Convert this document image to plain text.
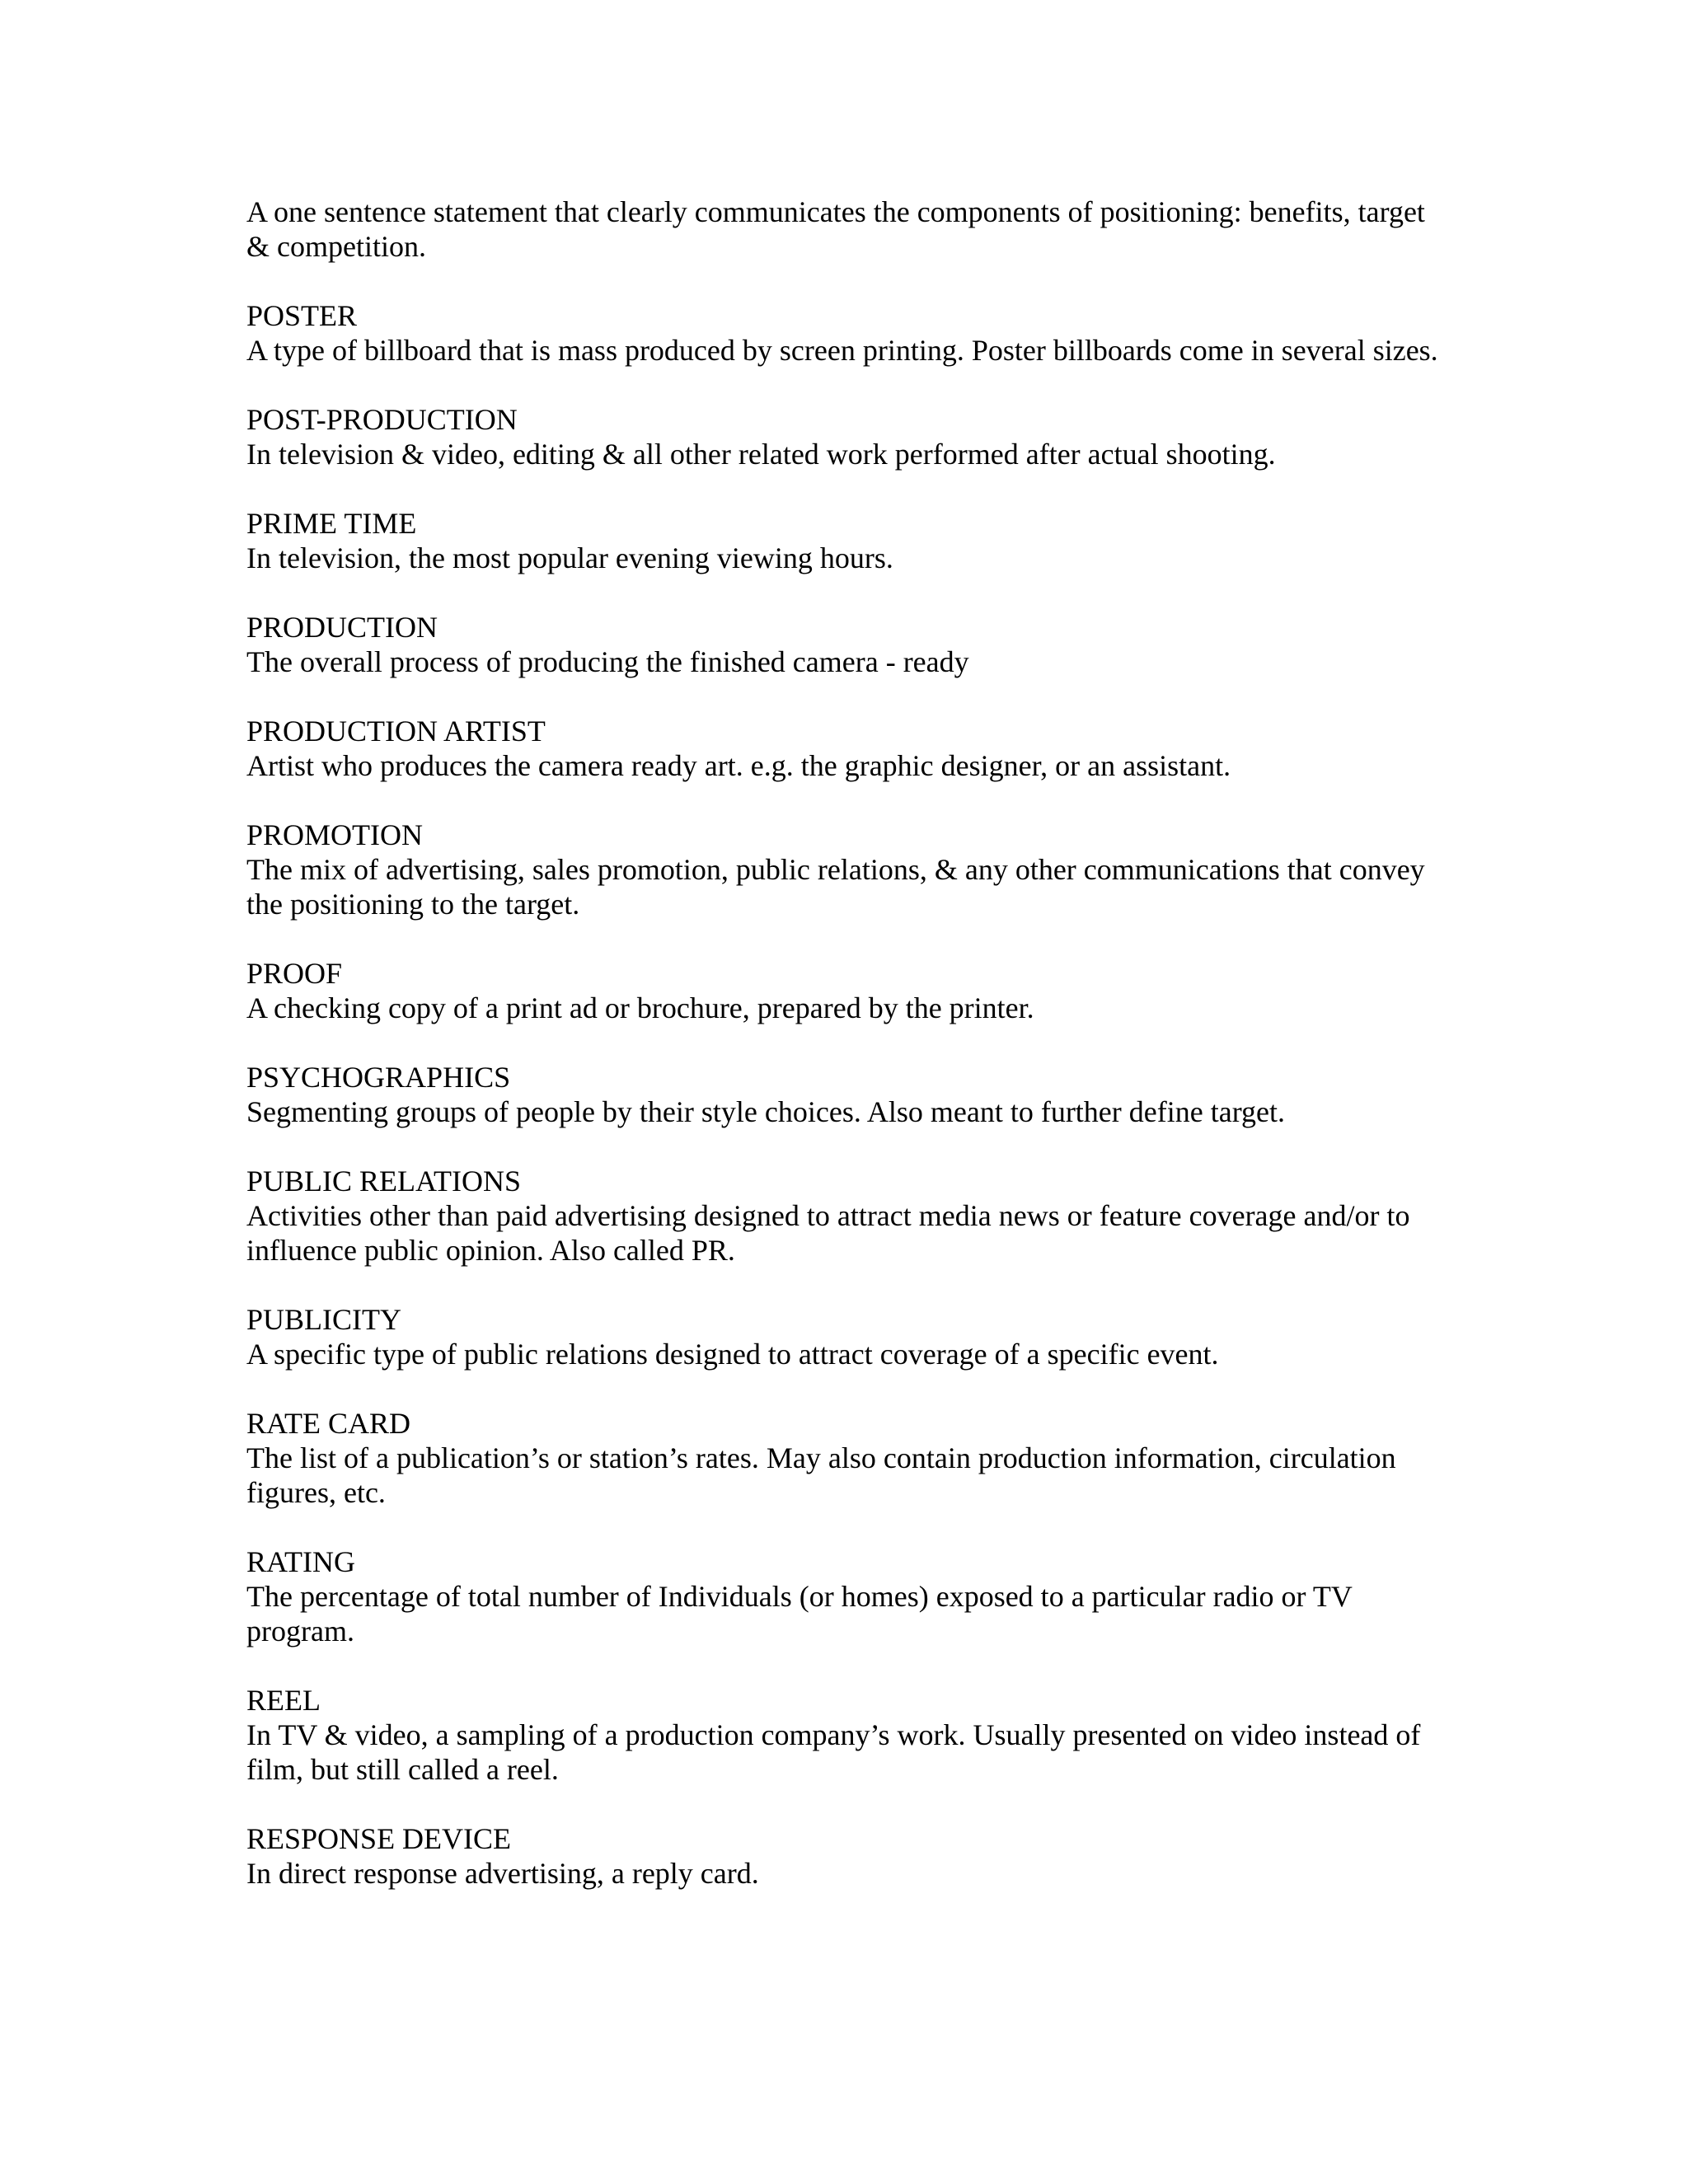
A one sentence statement that clearly communicates the components of positioning: benefits, target & competition.

POSTER

A type of billboard that is mass produced by screen printing. Poster billboards come in several sizes.

POST-PRODUCTION

In television & video, editing & all other related work performed after actual shooting.

PRIME TIME

In television, the most popular evening viewing hours.

PRODUCTION

The overall process of producing the finished camera - ready

PRODUCTION ARTIST

Artist who produces the camera ready art. e.g. the graphic designer, or an assistant.

PROMOTION

The mix of advertising, sales promotion, public relations, & any other communications that convey the positioning to the target.

PROOF

A checking copy of a print ad or brochure, prepared by the printer.

PSYCHOGRAPHICS

Segmenting groups of people by their style choices. Also meant to further define target.

PUBLIC RELATIONS

Activities other than paid advertising designed to attract media news or feature coverage and/or to influence public opinion. Also called PR.

PUBLICITY

A specific type of public relations designed to attract coverage of a specific event.

RATE CARD

The list of a publication’s or station’s rates. May also contain production information, circulation figures, etc.

RATING

The percentage of total number of Individuals (or homes) exposed to a particular radio or TV program.

REEL

In TV & video, a sampling of a production company’s work. Usually presented on video instead of film, but still called a reel.

RESPONSE DEVICE

In direct response advertising, a reply card.
